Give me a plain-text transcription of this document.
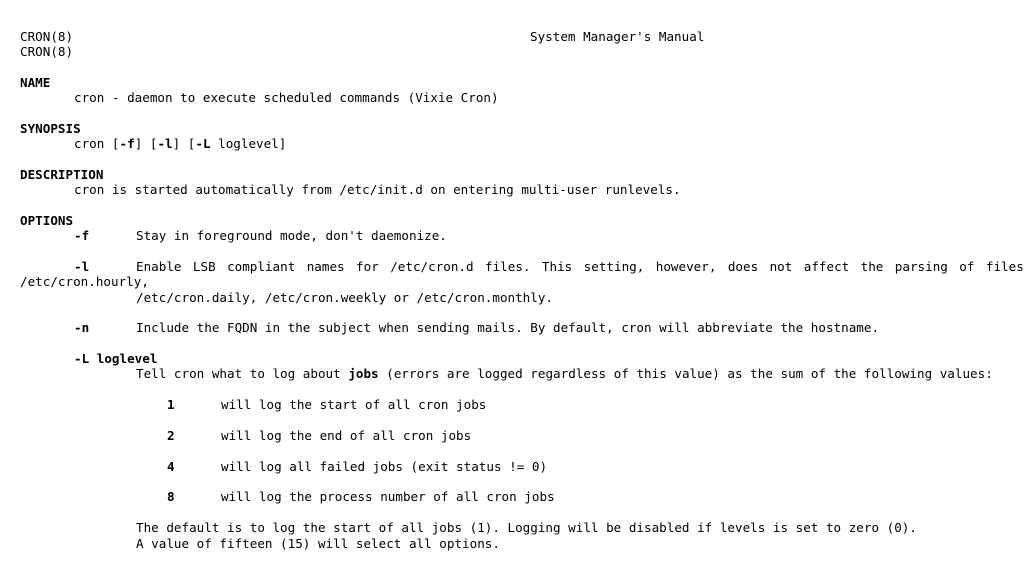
CRON(8)	System Manager's Manual
CRON(8)
NAME
cron - daemon to execute scheduled commands (Vixie Cron)
SYNOPSIS
cron [-f] [-l] [-L loglevel]
DESCRIPTION
cron is started automatically from /etc/init.d on entering multi-user runlevels.
OPTIONS
-f	Stay in foreground mode, don't daemonize.
-l	Enable LSB compliant names for /etc/cron.d files. This setting, however, does not affect the parsing of files
/etc/cron.hourly,
/etc/cron.daily, /etc/cron.weekly or /etc/cron.monthly.
-n	Include the FQDN in the subject when sending mails. By default, cron will abbreviate the hostname.
-L loglevel
Tell cron what to log about jobs (errors are logged regardless of this value) as the sum of the following values:
1	will log the start of all cron jobs
2	will log the end of all cron jobs
4	will log all failed jobs (exit status != 0)
8	will log the process number of all cron jobs
The default is to log the start of all jobs (1). Logging will be disabled if levels is set to zero (0).
A value of fifteen (15) will select all options.
